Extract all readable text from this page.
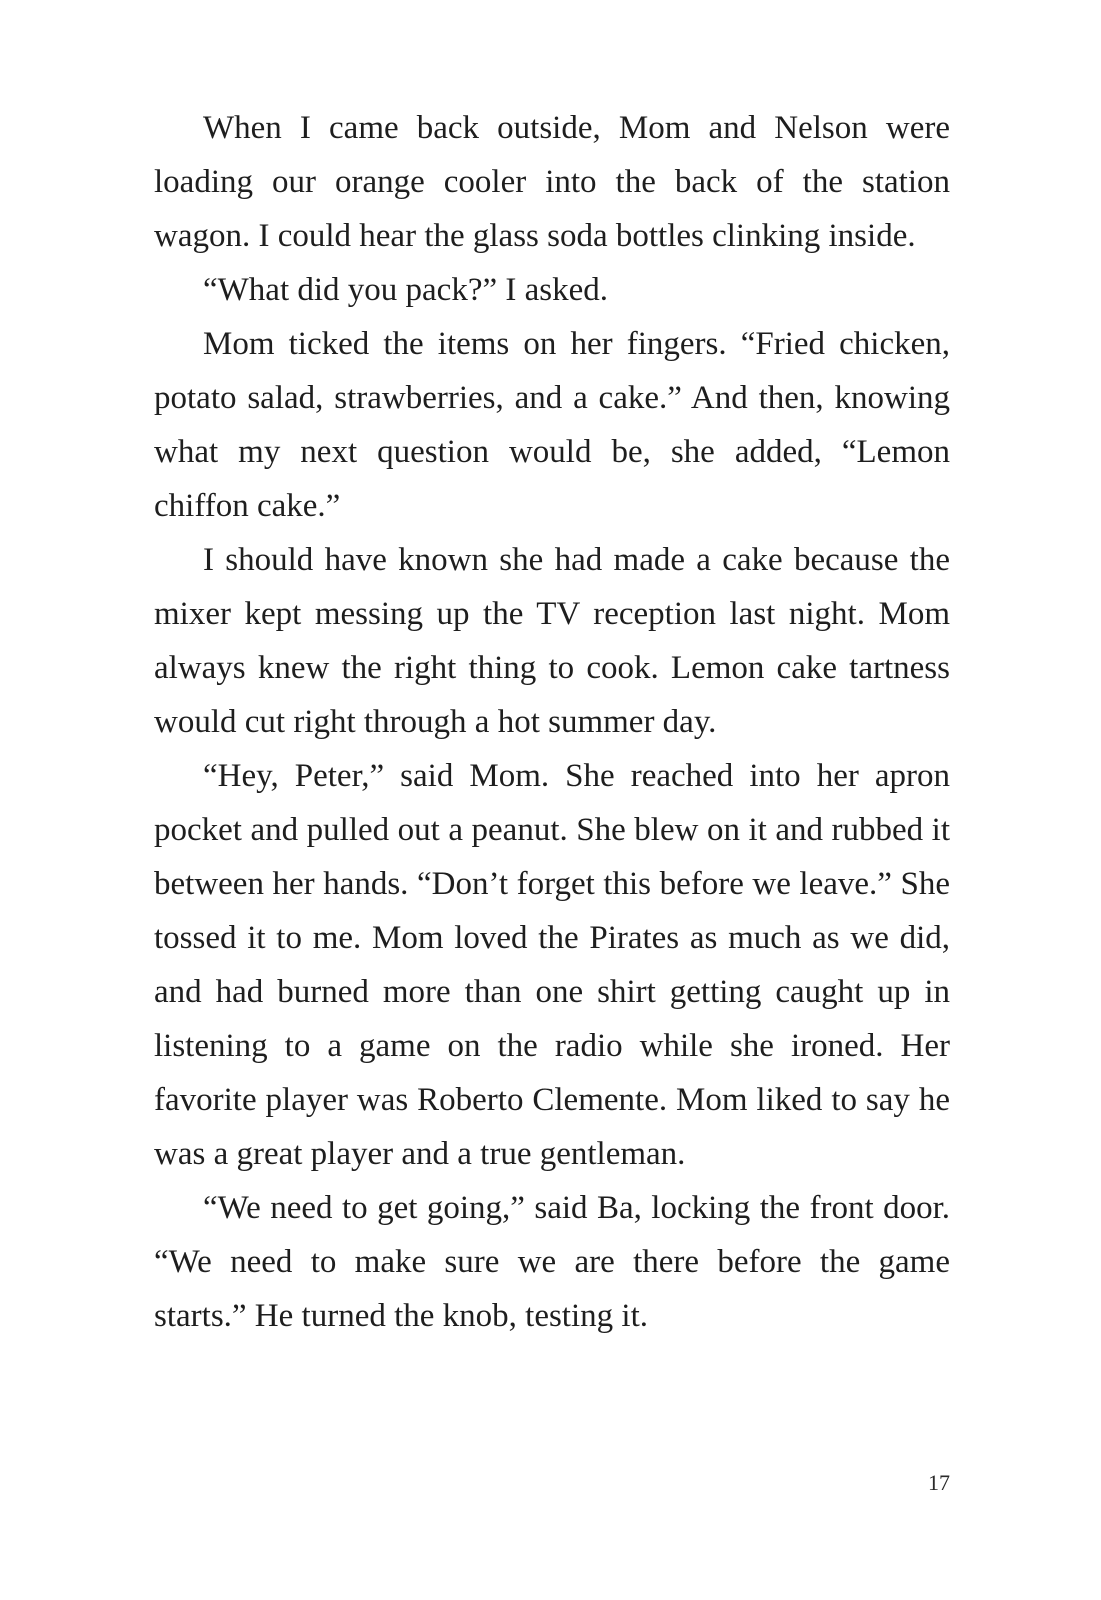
When I came back outside, Mom and Nelson were loading our orange cooler into the back of the station wagon. I could hear the glass soda bottles clinking inside.

“What did you pack?” I asked.

Mom ticked the items on her fingers. “Fried chicken, potato salad, strawberries, and a cake.” And then, knowing what my next question would be, she added, “Lemon chiffon cake.”

I should have known she had made a cake because the mixer kept messing up the TV reception last night. Mom always knew the right thing to cook. Lemon cake tartness would cut right through a hot summer day.

“Hey, Peter,” said Mom. She reached into her apron pocket and pulled out a peanut. She blew on it and rubbed it between her hands. “Don’t forget this before we leave.” She tossed it to me. Mom loved the Pirates as much as we did, and had burned more than one shirt getting caught up in listening to a game on the radio while she ironed. Her favorite player was Roberto Clemente. Mom liked to say he was a great player and a true gentleman.

“We need to get going,” said Ba, locking the front door. “We need to make sure we are there before the game starts.” He turned the knob, testing it.

17
